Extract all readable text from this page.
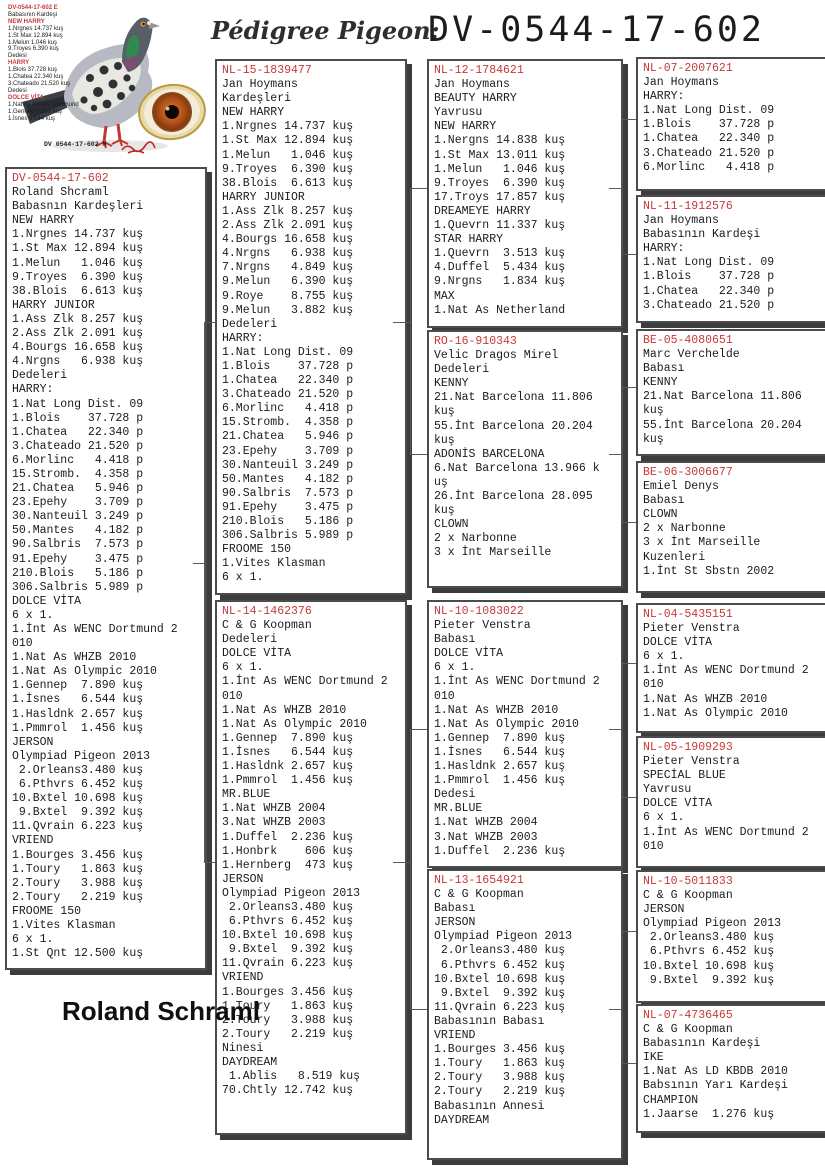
DV-0544-17-602 E
Babasının Kardeşi
NEW HARRY
1.Nrgnes 14.737 kuş
1.St Max 12.894 kuş
1.Melun 1.046 kuş
9.Troyes 6.390 kuş
Dedesi
HARRY
1.Blois 37.728 kuş
1.Chatea 22.340 kuş
3.Chateado 21.520 kuş
Dedesi
DOLCE VİTA
1.Nat As WENC Dortmund
1.Gennep 7.890 kuş
1.İsnes 6.544 kuş
DV 0544-17-602 M
Pédigree Pigeon:
DV-0544-17-602
DV-0544-17-602
Roland Shcraml
Babasnın Kardeşleri
NEW HARRY
1.Nrgnes 14.737 kuş
1.St Max 12.894 kuş
1.Melun   1.046 kuş
9.Troyes  6.390 kuş
38.Blois  6.613 kuş
HARRY JUNIOR
1.Ass Zlk 8.257 kuş
2.Ass Zlk 2.091 kuş
4.Bourgs 16.658 kuş
4.Nrgns   6.938 kuş
Dedeleri
HARRY:
1.Nat Long Dist. 09
1.Blois    37.728 p
1.Chatea   22.340 p
3.Chateado 21.520 p
6.Morlinc   4.418 p
15.Stromb.  4.358 p
21.Chatea   5.946 p
23.Epehy    3.709 p
30.Nanteuil 3.249 p
50.Mantes   4.182 p
90.Salbris  7.573 p
91.Epehy    3.475 p
210.Blois   5.186 p
306.Salbris 5.989 p
DOLCE VİTA
6 x 1.
1.İnt As WENC Dortmund 2
010
1.Nat As WHZB 2010
1.Nat As Olympic 2010
1.Gennep  7.890 kuş
1.İsnes   6.544 kuş
1.Hasldnk 2.657 kuş
1.Pmmrol  1.456 kuş
JERSON
Olympiad Pigeon 2013
2.Orleans3.480 kuş
6.Pthvrs 6.452 kuş
10.Bxtel 10.698 kuş
9.Bxtel  9.392 kuş
11.Qvrain 6.223 kuş
VRIEND
1.Bourges 3.456 kuş
1.Toury   1.863 kuş
2.Toury   3.988 kuş
2.Toury   2.219 kuş
FROOME 150
1.Vites Klasman
6 x 1.
1.St Qnt 12.500 kuş
NL-15-1839477
Jan Hoymans
Kardeşleri
NEW HARRY
1.Nrgnes 14.737 kuş
1.St Max 12.894 kuş
1.Melun   1.046 kuş
9.Troyes  6.390 kuş
38.Blois  6.613 kuş
HARRY JUNIOR
1.Ass Zlk 8.257 kuş
2.Ass Zlk 2.091 kuş
4.Bourgs 16.658 kuş
4.Nrgns   6.938 kuş
7.Nrgns   4.849 kuş
9.Melun   6.390 kuş
9.Roye    8.755 kuş
9.Melun   3.882 kuş
Dedeleri
HARRY:
1.Nat Long Dist. 09
1.Blois    37.728 p
1.Chatea   22.340 p
3.Chateado 21.520 p
6.Morlinc   4.418 p
15.Stromb.  4.358 p
21.Chatea   5.946 p
23.Epehy    3.709 p
30.Nanteuil 3.249 p
50.Mantes   4.182 p
90.Salbris  7.573 p
91.Epehy    3.475 p
210.Blois   5.186 p
306.Salbris 5.989 p
FROOME 150
1.Vites Klasman
6 x 1.
NL-14-1462376
C & G Koopman
Dedeleri
DOLCE VİTA
6 x 1.
1.İnt As WENC Dortmund 2
010
1.Nat As WHZB 2010
1.Nat As Olympic 2010
1.Gennep  7.890 kuş
1.İsnes   6.544 kuş
1.Hasldnk 2.657 kuş
1.Pmmrol  1.456 kuş
MR.BLUE
1.Nat WHZB 2004
3.Nat WHZB 2003
1.Duffel  2.236 kuş
1.Honbrk    606 kuş
1.Hernberg  473 kuş
JERSON
Olympiad Pigeon 2013
2.Orleans3.480 kuş
6.Pthvrs 6.452 kuş
10.Bxtel 10.698 kuş
9.Bxtel  9.392 kuş
11.Qvrain 6.223 kuş
VRIEND
1.Bourges 3.456 kuş
1.Toury   1.863 kuş
2.Toury   3.988 kuş
2.Toury   2.219 kuş
Ninesi
DAYDREAM
1.Ablis   8.519 kuş
70.Chtly 12.742 kuş
NL-12-1784621
Jan Hoymans
BEAUTY HARRY
Yavrusu
NEW HARRY
1.Nergns 14.838 kuş
1.St Max 13.011 kuş
1.Melun   1.046 kuş
9.Troyes  6.390 kuş
17.Troys 17.857 kuş
DREAMEYE HARRY
1.Quevrn 11.337 kuş
STAR HARRY
1.Quevrn  3.513 kuş
4.Duffel  5.434 kuş
9.Nrgns   1.834 kuş
MAX
1.Nat As Netherland
RO-16-910343
Velic Dragos Mirel
Dedeleri
KENNY
21.Nat Barcelona 11.806
kuş
55.İnt Barcelona 20.204
kuş
ADONİS BARCELONA
6.Nat Barcelona 13.966 k
uş
26.İnt Barcelona 28.095
kuş
CLOWN
2 x Narbonne
3 x İnt Marseille
NL-10-1083022
Pieter Venstra
Babası
DOLCE VİTA
6 x 1.
1.İnt As WENC Dortmund 2
010
1.Nat As WHZB 2010
1.Nat As Olympic 2010
1.Gennep  7.890 kuş
1.İsnes   6.544 kuş
1.Hasldnk 2.657 kuş
1.Pmmrol  1.456 kuş
Dedesi
MR.BLUE
1.Nat WHZB 2004
3.Nat WHZB 2003
1.Duffel  2.236 kuş
NL-13-1654921
C & G Koopman
Babası
JERSON
Olympiad Pigeon 2013
2.Orleans3.480 kuş
6.Pthvrs 6.452 kuş
10.Bxtel 10.698 kuş
9.Bxtel  9.392 kuş
11.Qvrain 6.223 kuş
Babasının Babası
VRIEND
1.Bourges 3.456 kuş
1.Toury   1.863 kuş
2.Toury   3.988 kuş
2.Toury   2.219 kuş
Babasının Annesi
DAYDREAM
NL-07-2007621
Jan Hoymans
HARRY:
1.Nat Long Dist. 09
1.Blois    37.728 p
1.Chatea   22.340 p
3.Chateado 21.520 p
6.Morlinc   4.418 p
NL-11-1912576
Jan Hoymans
Babasının Kardeşi
HARRY:
1.Nat Long Dist. 09
1.Blois    37.728 p
1.Chatea   22.340 p
3.Chateado 21.520 p
BE-05-4080651
Marc Verchelde
Babası
KENNY
21.Nat Barcelona 11.806
kuş
55.İnt Barcelona 20.204
kuş
BE-06-3006677
Emiel Denys
Babası
CLOWN
2 x Narbonne
3 x İnt Marseille
Kuzenleri
1.İnt St Sbstn 2002
NL-04-5435151
Pieter Venstra
DOLCE VİTA
6 x 1.
1.İnt As WENC Dortmund 2
010
1.Nat As WHZB 2010
1.Nat As Olympic 2010
NL-05-1909293
Pieter Venstra
SPECİAL BLUE
Yavrusu
DOLCE VİTA
6 x 1.
1.İnt As WENC Dortmund 2
010
NL-10-5011833
C & G Koopman
JERSON
Olympiad Pigeon 2013
2.Orleans3.480 kuş
6.Pthvrs 6.452 kuş
10.Bxtel 10.698 kuş
9.Bxtel  9.392 kuş
NL-07-4736465
C & G Koopman
Babasının Kardeşi
IKE
1.Nat As LD KBDB 2010
Babsının Yarı Kardeşi
CHAMPION
1.Jaarse  1.276 kuş
Roland Schraml
